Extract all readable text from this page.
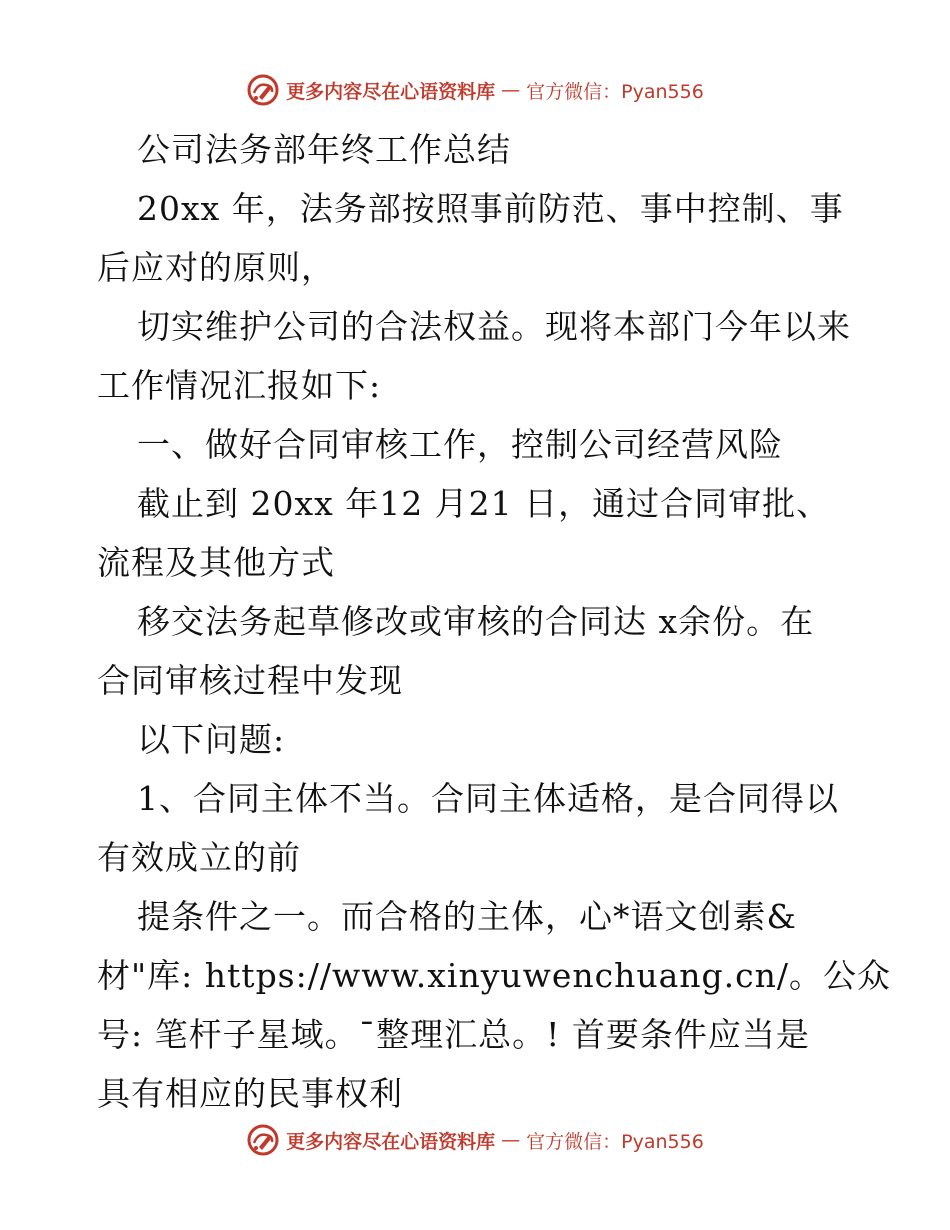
更多内容尽在心语资料库 — 官方微信：Pyan556
公司法务部年终工作总结
20xx 年，法务部按照事前防范、事中控制、事
后应对的原则，
切实维护公司的合法权益。现将本部门今年以来
工作情况汇报如下:
一、做好合同审核工作，控制公司经营风险
截止到 20xx 年12 月21 日，通过合同审批、
流程及其他方式
移交法务起草修改或审核的合同达 x余份。在
合同审核过程中发现
以下问题:
1、合同主体不当。合同主体适格，是合同得以
有效成立的前
提条件之一。而合格的主体，心*语文创素&
材"库: https://www.xinyuwenchuang.cn/。公众
号: 笔杆子星域。¯整理汇总。! 首要条件应当是
具有相应的民事权利
更多内容尽在心语资料库 — 官方微信：Pyan556
